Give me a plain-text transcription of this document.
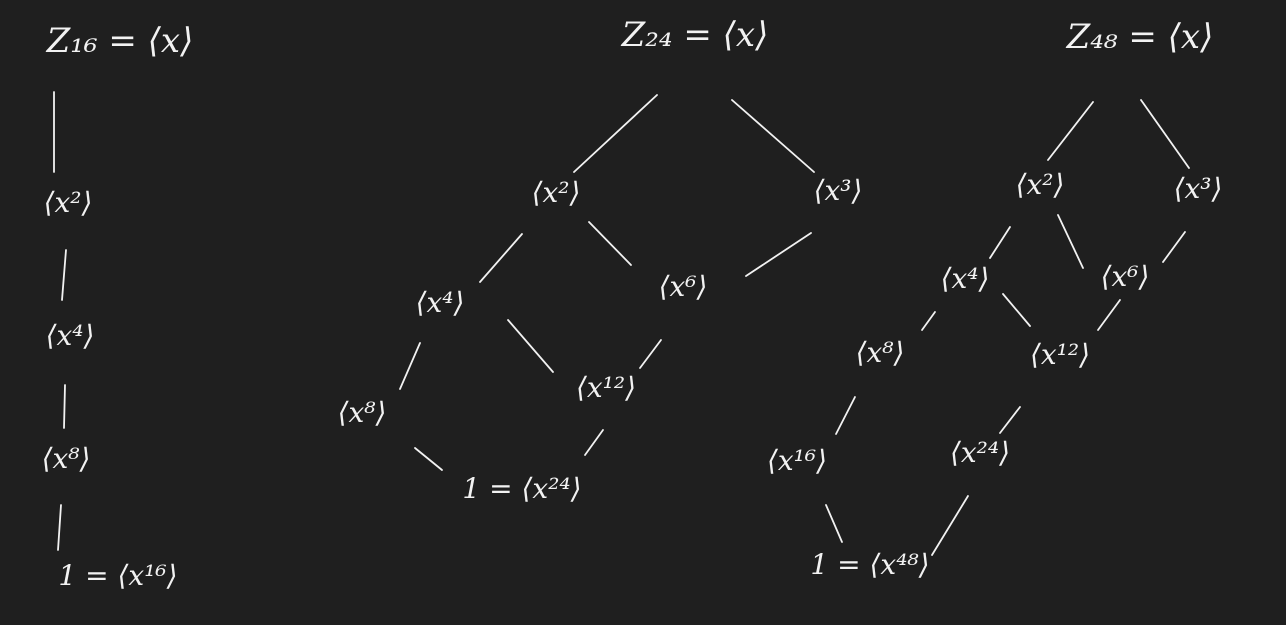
Z₁₆ = ⟨x⟩
⟨x²⟩
⟨x⁴⟩
⟨x⁸⟩
1 = ⟨x¹⁶⟩
Z₂₄ = ⟨x⟩
⟨x²⟩	⟨x³⟩
⟨x⁴⟩	⟨x⁶⟩
⟨x⁸⟩
⟨x¹²⟩
1 = ⟨x²⁴⟩
Z₄₈ = ⟨x⟩
⟨x²⟩	⟨x³⟩
⟨x⁴⟩	⟨x⁶⟩
⟨x⁸⟩	⟨x¹²⟩
⟨x¹⁶⟩	⟨x²⁴⟩
1 = ⟨x⁴⁸⟩
